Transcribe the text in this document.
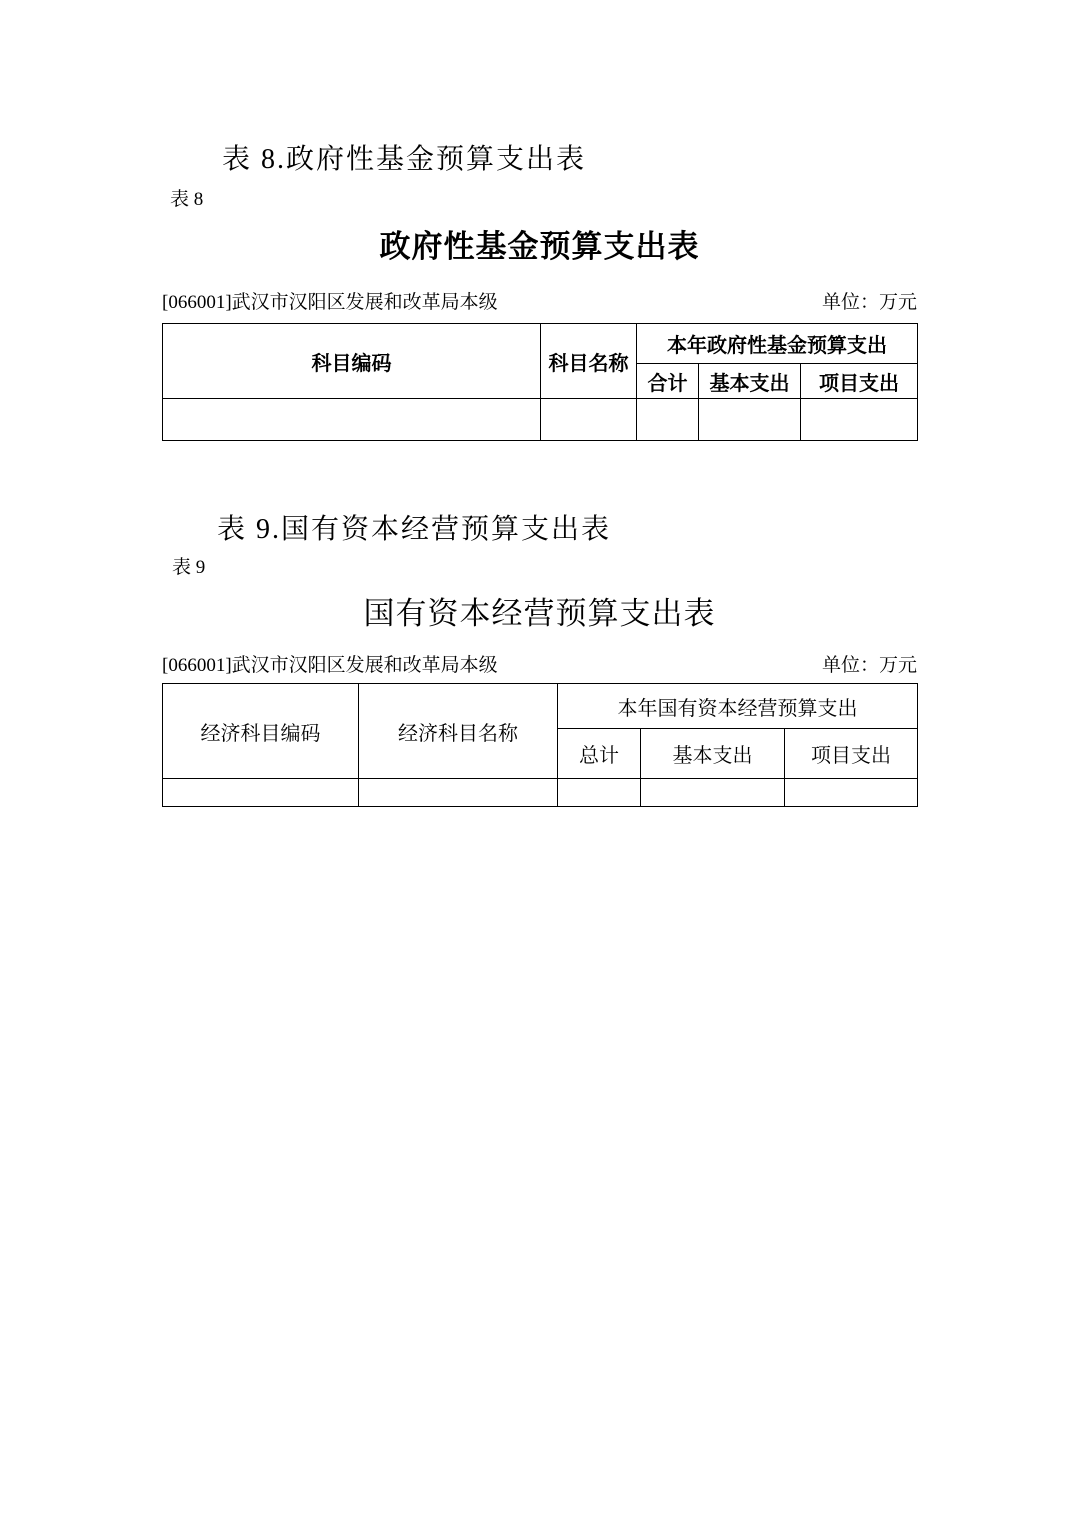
表 8.政府性基金预算支出表
表 8
政府性基金预算支出表
[066001]武汉市汉阳区发展和改革局本级	单位：万元
科目编码	科目名称	本年政府性基金预算支出		
		合计	基本支出	项目支出

表 9.国有资本经营预算支出表
表 9
国有资本经营预算支出表
[066001]武汉市汉阳区发展和改革局本级	单位：万元
经济科目编码	经济科目名称	本年国有资本经营预算支出		
		总计	基本支出	项目支出
